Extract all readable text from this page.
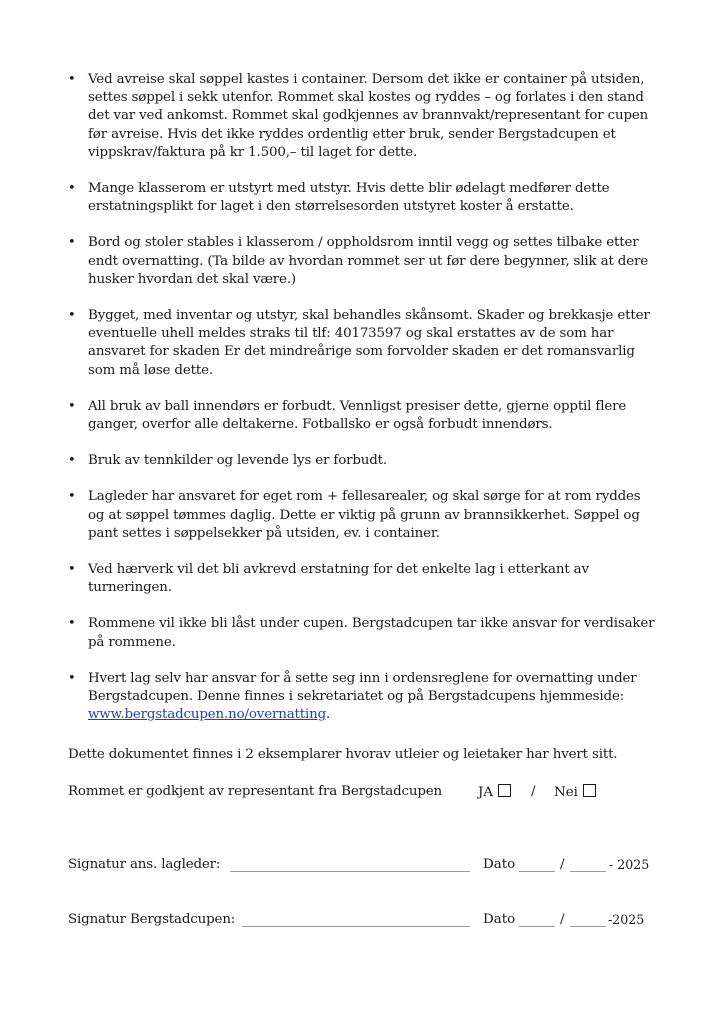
• Ved avreise skal søppel kastes i container. Dersom det ikke er container på utsiden, settes søppel i sekk utenfor. Rommet skal kostes og ryddes – og forlates i den stand det var ved ankomst. Rommet skal godkjennes av brannvakt/representant for cupen før avreise. Hvis det ikke ryddes ordentlig etter bruk, sender Bergstadcupen et vippskrav/faktura på kr 1.500,– til laget for dette.
• Mange klasserom er utstyrt med utstyr. Hvis dette blir ødelagt medfører dette erstatningsplikt for laget i den størrelsesorden utstyret koster å erstatte.
• Bord og stoler stables i klasserom / oppholdsrom inntil vegg og settes tilbake etter endt overnatting. (Ta bilde av hvordan rommet ser ut før dere begynner, slik at dere husker hvordan det skal være.)
• Bygget, med inventar og utstyr, skal behandles skånsomt. Skader og brekkasje etter eventuelle uhell meldes straks til tlf: 40173597 og skal erstattes av de som har ansvaret for skaden Er det mindreårige som forvolder skaden er det romansvarlig som må løse dette.
• All bruk av ball innendørs er forbudt. Vennligst presiser dette, gjerne opptil flere ganger, overfor alle deltakerne. Fotballsko er også forbudt innendørs.
• Bruk av tennkilder og levende lys er forbudt.
• Lagleder har ansvaret for eget rom + fellesarealer, og skal sørge for at rom ryddes og at søppel tømmes daglig. Dette er viktig på grunn av brannsikkerhet. Søppel og pant settes i søppelsekker på utsiden, ev. i container.
• Ved hærverk vil det bli avkrevd erstatning for det enkelte lag i etterkant av turneringen.
• Rommene vil ikke bli låst under cupen. Bergstadcupen tar ikke ansvar for verdisaker på rommene.
• Hvert lag selv har ansvar for å sette seg inn i ordensreglene for overnatting under Bergstadcupen. Denne finnes i sekretariatet og på Bergstadcupens hjemmeside: www.bergstadcupen.no/overnatting.
Dette dokumentet finnes i 2 eksemplarer hvorav utleier og leietaker har hvert sitt.
Rommet er godkjent av representant fra Bergstadcupen	JA	/ Nei
Signatur ans. lagleder:	Dato	/	- 2025
Signatur Bergstadcupen:	Dato	/	-2025
